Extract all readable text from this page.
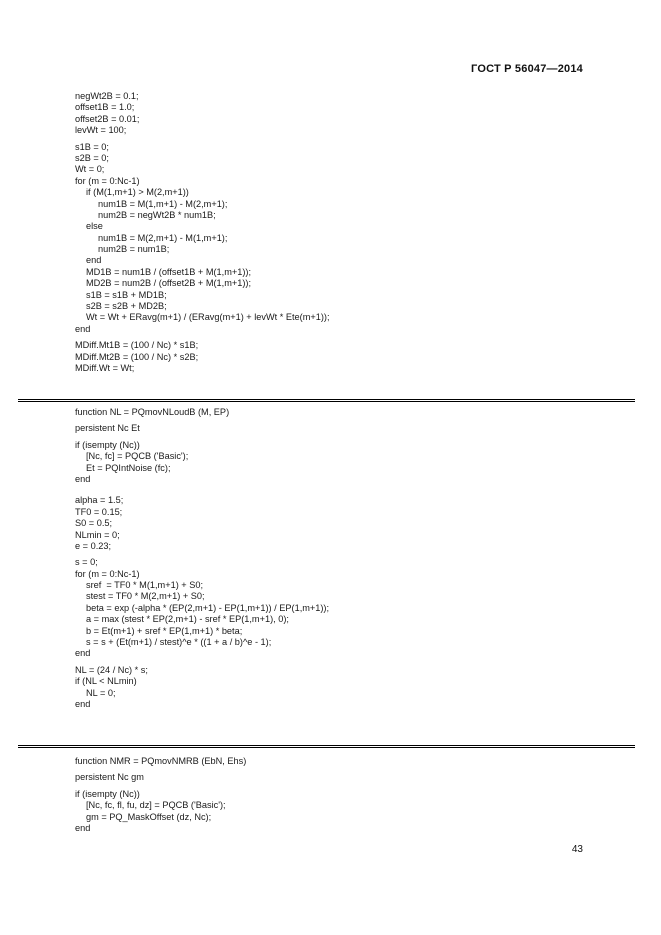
ГОСТ Р 56047—2014
negWt2B = 0.1;
offset1B = 1.0;
offset2B = 0.01;
levWt = 100;
s1B = 0;
s2B = 0;
Wt = 0;
for (m = 0:Nc-1)
if (M(1,m+1) > M(2,m+1))
num1B = M(1,m+1) - M(2,m+1);
num2B = negWt2B * num1B;
else
num1B = M(2,m+1) - M(1,m+1);
num2B = num1B;
end
MD1B = num1B / (offset1B + M(1,m+1));
MD2B = num2B / (offset2B + M(1,m+1));
s1B = s1B + MD1B;
s2B = s2B + MD2B;
Wt = Wt + ERavg(m+1) / (ERavg(m+1) + levWt * Ete(m+1));
end
MDiff.Mt1B = (100 / Nc) * s1B;
MDiff.Mt2B = (100 / Nc) * s2B;
MDiff.Wt = Wt;
function NL = PQmovNLoudB (M, EP)
persistent Nc Et
if (isempty (Nc))
[Nc, fc] = PQCB ('Basic');
Et = PQIntNoise (fc);
end
alpha = 1.5;
TF0 = 0.15;
S0 = 0.5;
NLmin = 0;
e = 0.23;
s = 0;
for (m = 0:Nc-1)
sref  = TF0 * M(1,m+1) + S0;
stest = TF0 * M(2,m+1) + S0;
beta = exp (-alpha * (EP(2,m+1) - EP(1,m+1)) / EP(1,m+1));
a = max (stest * EP(2,m+1) - sref * EP(1,m+1), 0);
b = Et(m+1) + sref * EP(1,m+1) * beta;
s = s + (Et(m+1) / stest)^e * ((1 + a / b)^e - 1);
end
NL = (24 / Nc) * s;
if (NL < NLmin)
NL = 0;
end
function NMR = PQmovNMRB (EbN, Ehs)
persistent Nc gm
if (isempty (Nc))
[Nc, fc, fl, fu, dz] = PQCB ('Basic');
gm = PQ_MaskOffset (dz, Nc);
end
43
